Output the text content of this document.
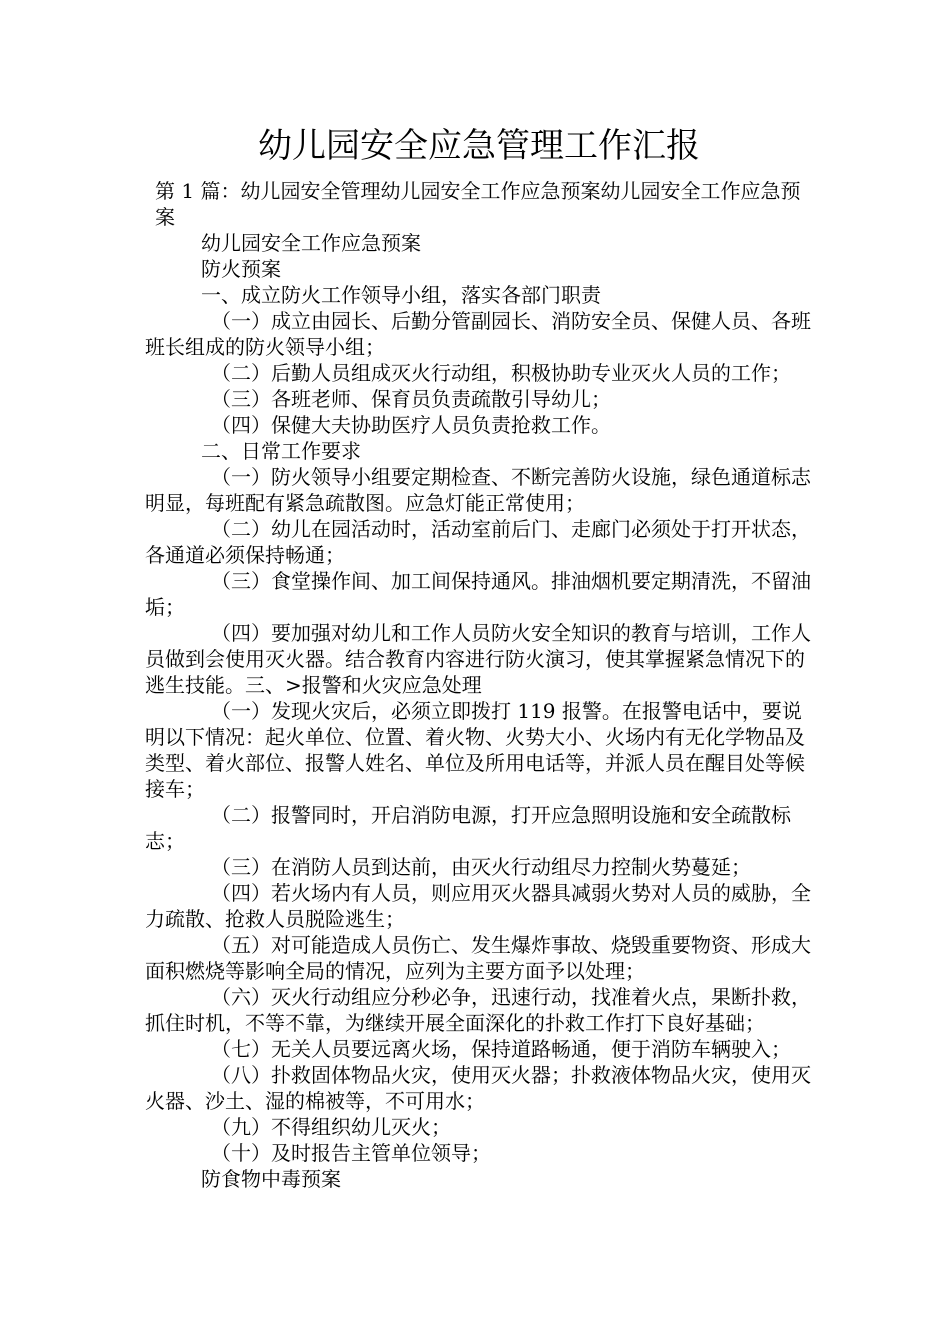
幼儿园安全应急管理工作汇报

第 1 篇：幼儿园安全管理幼儿园安全工作应急预案幼儿园安全工作应急预案

幼儿园安全工作应急预案

防火预案

一、成立防火工作领导小组，落实各部门职责

（一）成立由园长、后勤分管副园长、消防安全员、保健人员、各班班长组成的防火领导小组；

（二）后勤人员组成灭火行动组，积极协助专业灭火人员的工作；

（三）各班老师、保育员负责疏散引导幼儿；

（四）保健大夫协助医疗人员负责抢救工作。

二、日常工作要求

（一）防火领导小组要定期检查、不断完善防火设施，绿色通道标志明显，每班配有紧急疏散图。应急灯能正常使用；

（二）幼儿在园活动时，活动室前后门、走廊门必须处于打开状态，各通道必须保持畅通；

（三）食堂操作间、加工间保持通风。排油烟机要定期清洗，不留油垢；

（四）要加强对幼儿和工作人员防火安全知识的教育与培训，工作人员做到会使用灭火器。结合教育内容进行防火演习，使其掌握紧急情况下的逃生技能。三、>报警和火灾应急处理

（一）发现火灾后，必须立即拨打 119 报警。在报警电话中，要说明以下情况：起火单位、位置、着火物、火势大小、火场内有无化学物品及类型、着火部位、报警人姓名、单位及所用电话等，并派人员在醒目处等候接车；

（二）报警同时，开启消防电源，打开应急照明设施和安全疏散标志；

（三）在消防人员到达前，由灭火行动组尽力控制火势蔓延；

（四）若火场内有人员，则应用灭火器具减弱火势对人员的威胁，全力疏散、抢救人员脱险逃生；

（五）对可能造成人员伤亡、发生爆炸事故、烧毁重要物资、形成大面积燃烧等影响全局的情况，应列为主要方面予以处理；

（六）灭火行动组应分秒必争，迅速行动，找准着火点，果断扑救，抓住时机，不等不靠，为继续开展全面深化的扑救工作打下良好基础；

（七）无关人员要远离火场，保持道路畅通，便于消防车辆驶入；

（八）扑救固体物品火灾，使用灭火器；扑救液体物品火灾，使用灭火器、沙土、湿的棉被等，不可用水；

（九）不得组织幼儿灭火；

（十）及时报告主管单位领导；

防食物中毒预案
